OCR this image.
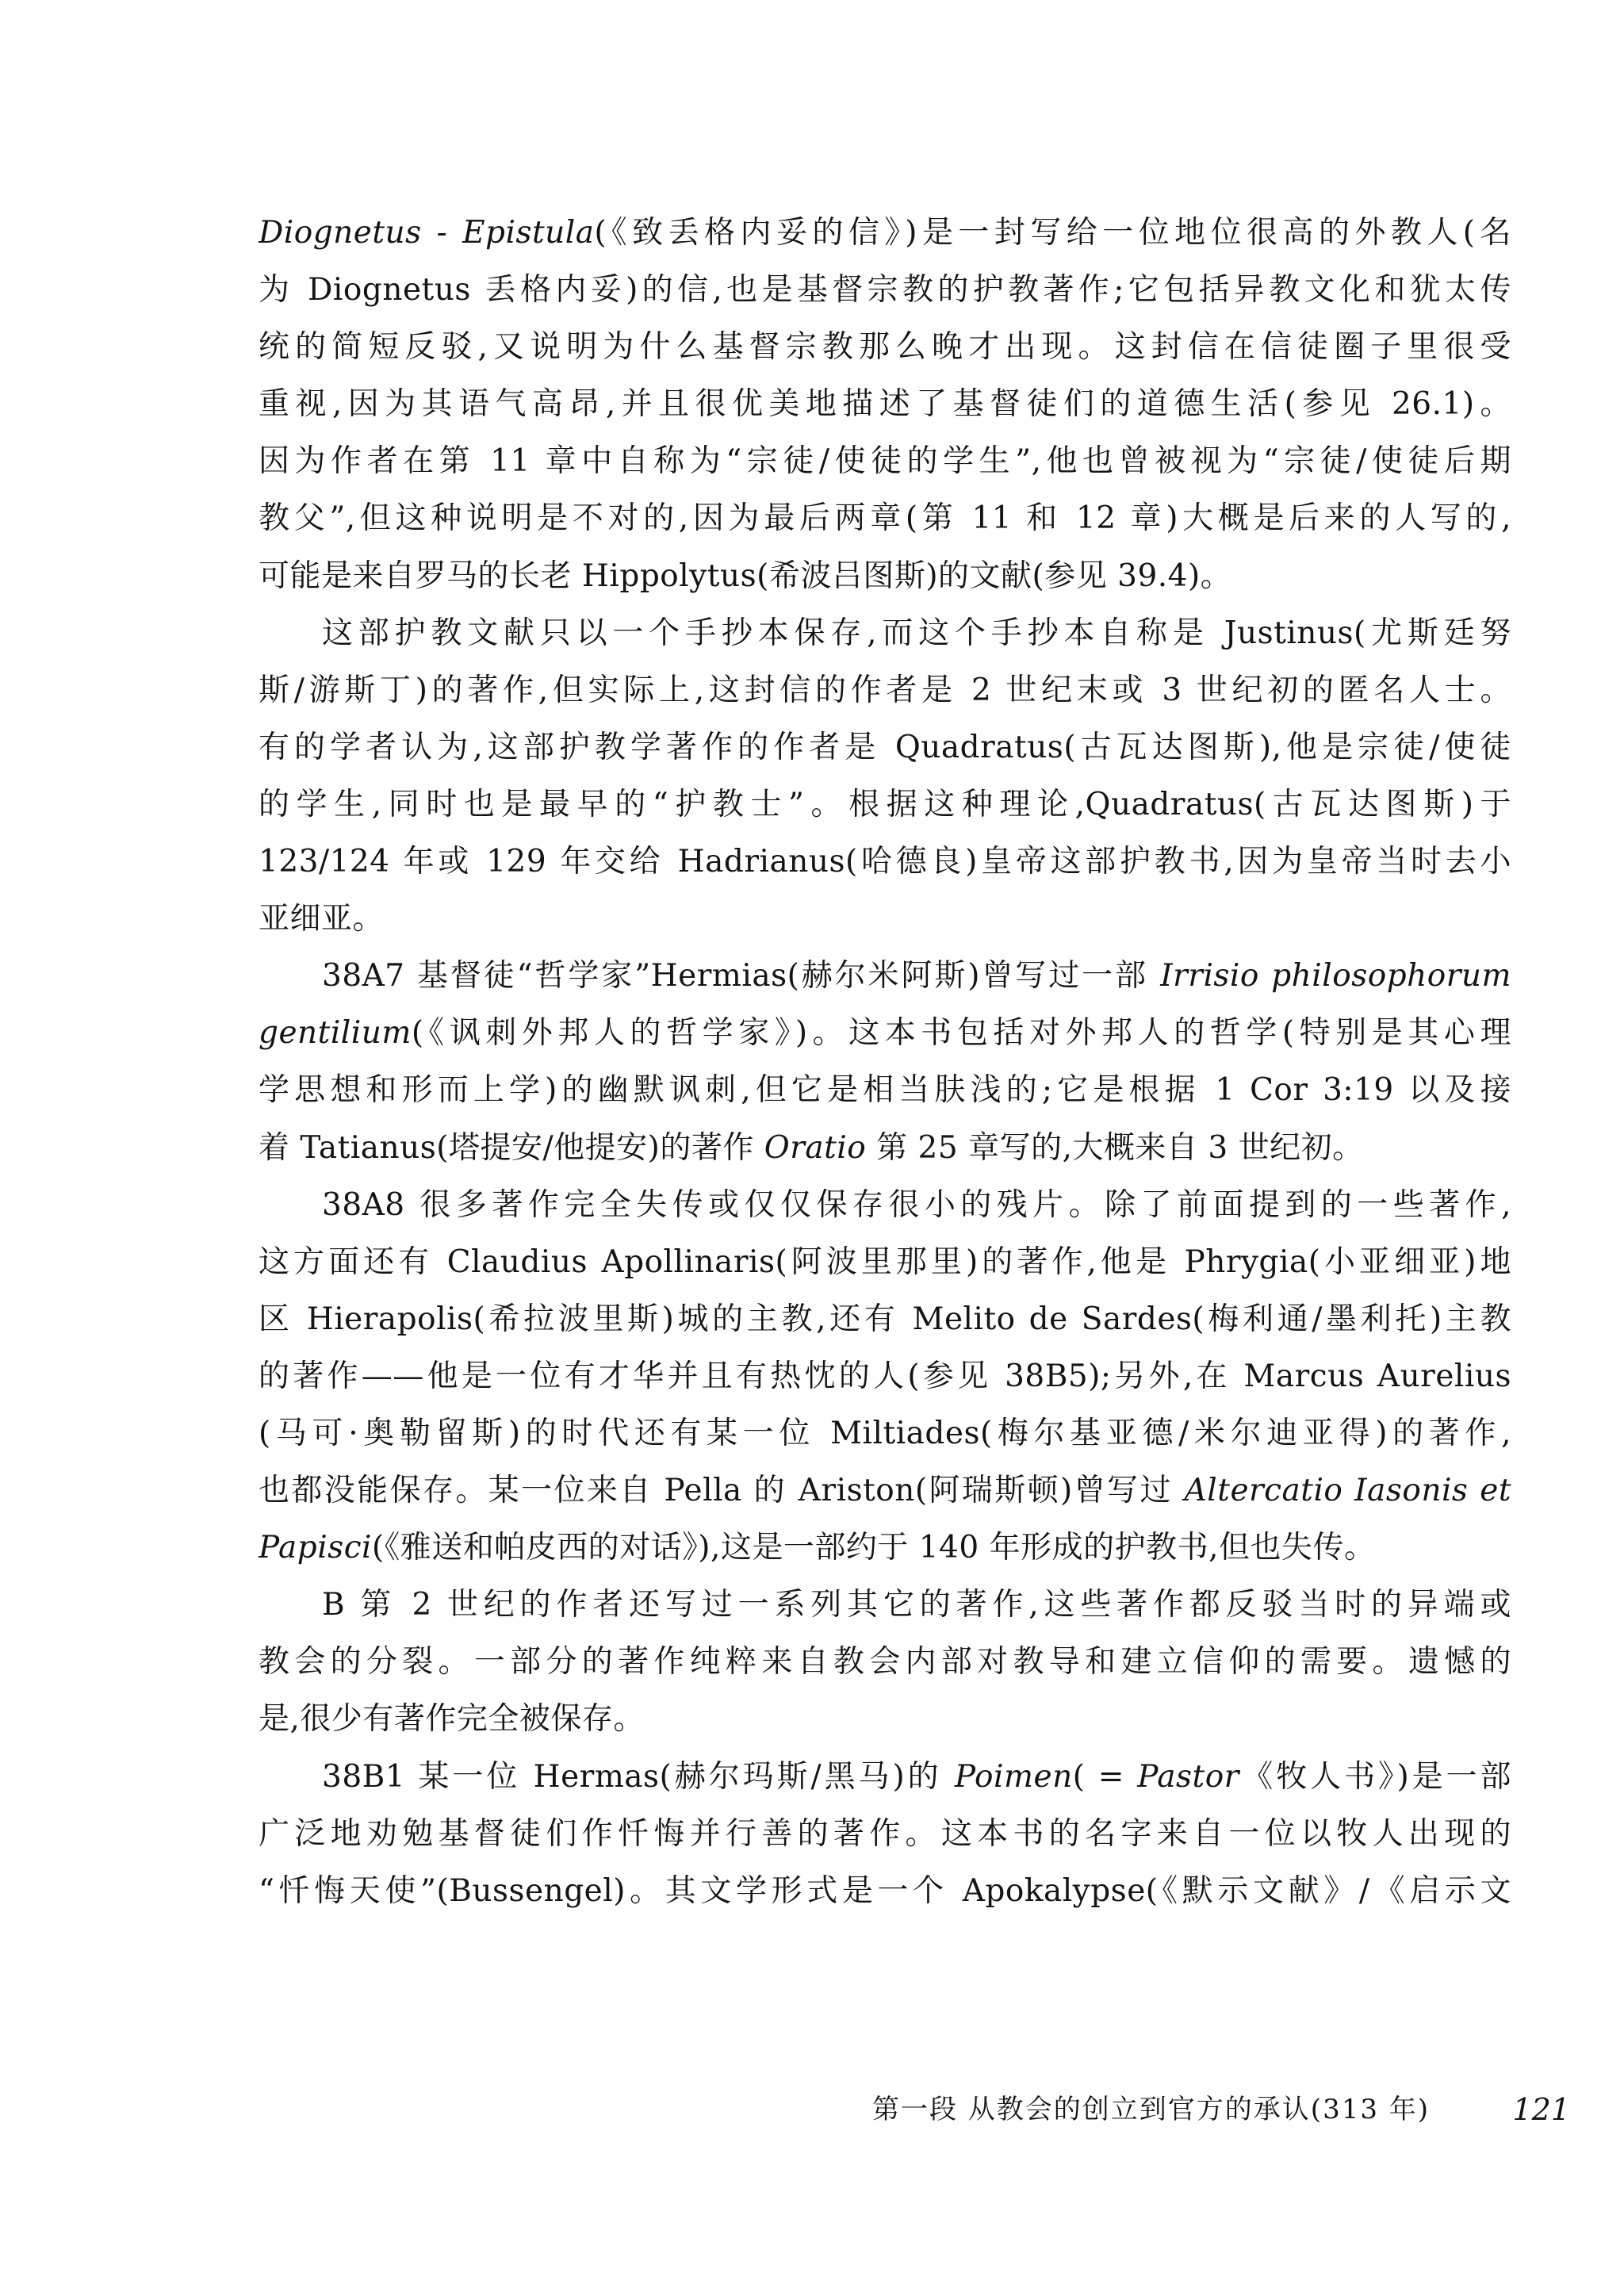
Diognetus - Epistula(《致丢格内妥的信》)是一封写给一位地位很高的外教人(名
为 Diognetus 丢格内妥)的信,也是基督宗教的护教著作;它包括异教文化和犹太传
统的简短反驳,又说明为什么基督宗教那么晚才出现。这封信在信徒圈子里很受
重视,因为其语气高昂,并且很优美地描述了基督徒们的道德生活(参见 26.1)。
因为作者在第 11 章中自称为“宗徒/使徒的学生”,他也曾被视为“宗徒/使徒后期
教父”,但这种说明是不对的,因为最后两章(第 11 和 12 章)大概是后来的人写的,
可能是来自罗马的长老 Hippolytus(希波吕图斯)的文献(参见 39.4)。
这部护教文献只以一个手抄本保存,而这个手抄本自称是 Justinus(尤斯廷努
斯/游斯丁)的著作,但实际上,这封信的作者是 2 世纪末或 3 世纪初的匿名人士。
有的学者认为,这部护教学著作的作者是 Quadratus(古瓦达图斯),他是宗徒/使徒
的学生,同时也是最早的“护教士”。根据这种理论,Quadratus(古瓦达图斯)于
123/124 年或 129 年交给 Hadrianus(哈德良)皇帝这部护教书,因为皇帝当时去小
亚细亚。
38A7 基督徒“哲学家”Hermias(赫尔米阿斯)曾写过一部 Irrisio philosophorum
gentilium(《讽刺外邦人的哲学家》)。这本书包括对外邦人的哲学(特别是其心理
学思想和形而上学)的幽默讽刺,但它是相当肤浅的;它是根据 1 Cor 3:19 以及接
着 Tatianus(塔提安/他提安)的著作 Oratio 第 25 章写的,大概来自 3 世纪初。
38A8 很多著作完全失传或仅仅保存很小的残片。除了前面提到的一些著作,
这方面还有 Claudius Apollinaris(阿波里那里)的著作,他是 Phrygia(小亚细亚)地
区 Hierapolis(希拉波里斯)城的主教,还有 Melito de Sardes(梅利通/墨利托)主教
的著作——他是一位有才华并且有热忱的人(参见 38B5);另外,在 Marcus Aurelius
(马可·奥勒留斯)的时代还有某一位 Miltiades(梅尔基亚德/米尔迪亚得)的著作,
也都没能保存。某一位来自 Pella 的 Ariston(阿瑞斯顿)曾写过 Altercatio Iasonis et
Papisci(《雅送和帕皮西的对话》),这是一部约于 140 年形成的护教书,但也失传。
B 第 2 世纪的作者还写过一系列其它的著作,这些著作都反驳当时的异端或
教会的分裂。一部分的著作纯粹来自教会内部对教导和建立信仰的需要。遗憾的
是,很少有著作完全被保存。
38B1 某一位 Hermas(赫尔玛斯/黑马)的 Poimen( = Pastor《牧人书》)是一部
广泛地劝勉基督徒们作忏悔并行善的著作。这本书的名字来自一位以牧人出现的
“忏悔天使”(Bussengel)。其文学形式是一个 Apokalypse(《默示文献》/《启示文
第一段 从教会的创立到官方的承认(313 年)	121
